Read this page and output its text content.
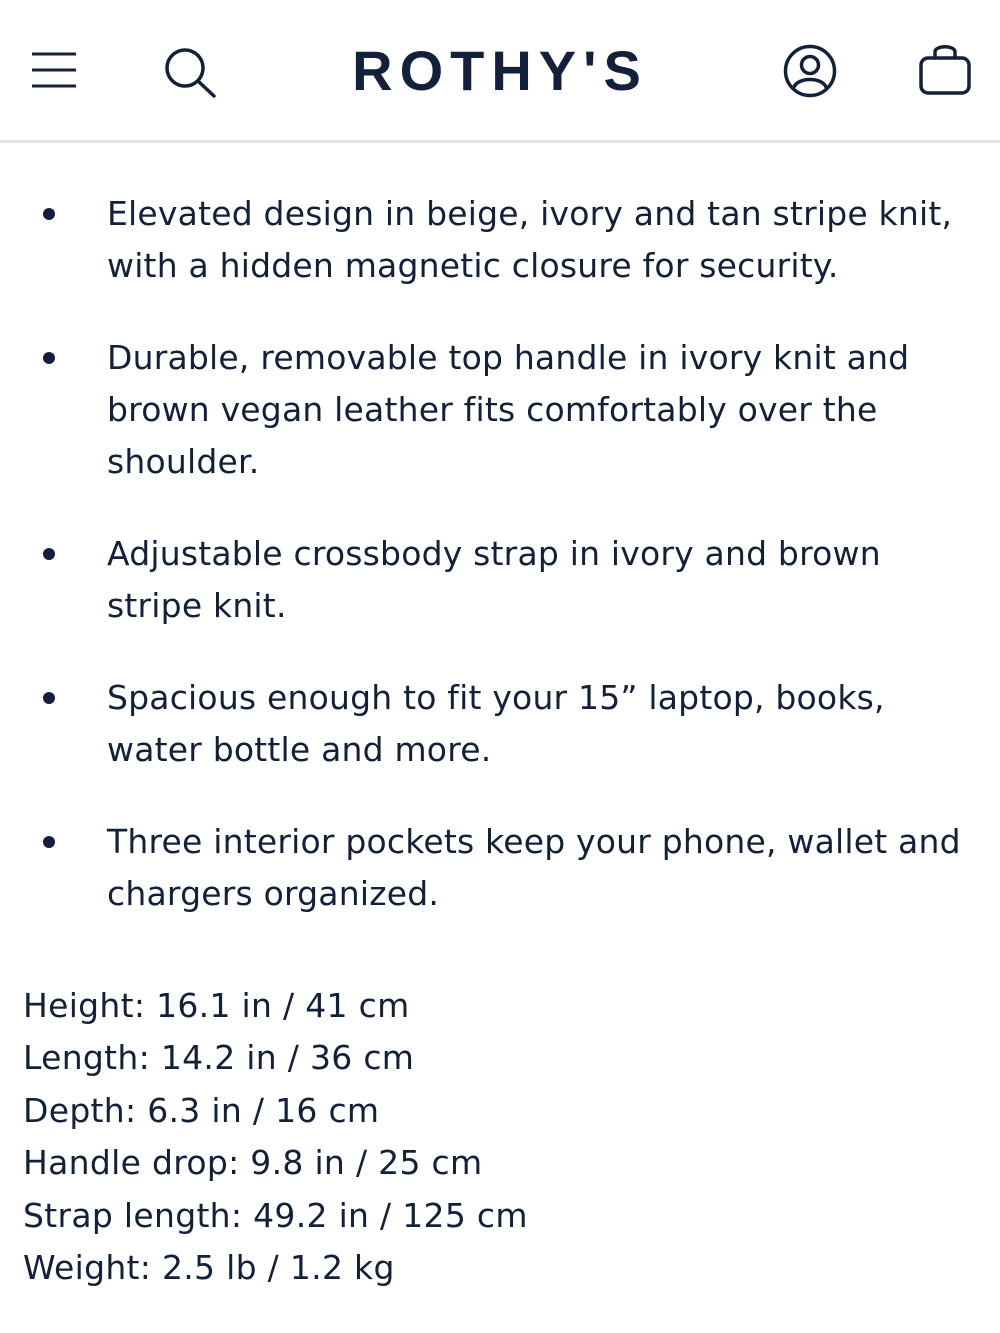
ROTHY'S
Elevated design in beige, ivory and tan stripe knit, with a hidden magnetic closure for security.
Durable, removable top handle in ivory knit and brown vegan leather fits comfortably over the shoulder.
Adjustable crossbody strap in ivory and brown stripe knit.
Spacious enough to fit your 15” laptop, books, water bottle and more.
Three interior pockets keep your phone, wallet and chargers organized.
Height: 16.1 in / 41 cm
Length: 14.2 in / 36 cm
Depth: 6.3 in / 16 cm
Handle drop: 9.8 in / 25 cm
Strap length: 49.2 in / 125 cm
Weight: 2.5 lb / 1.2 kg
